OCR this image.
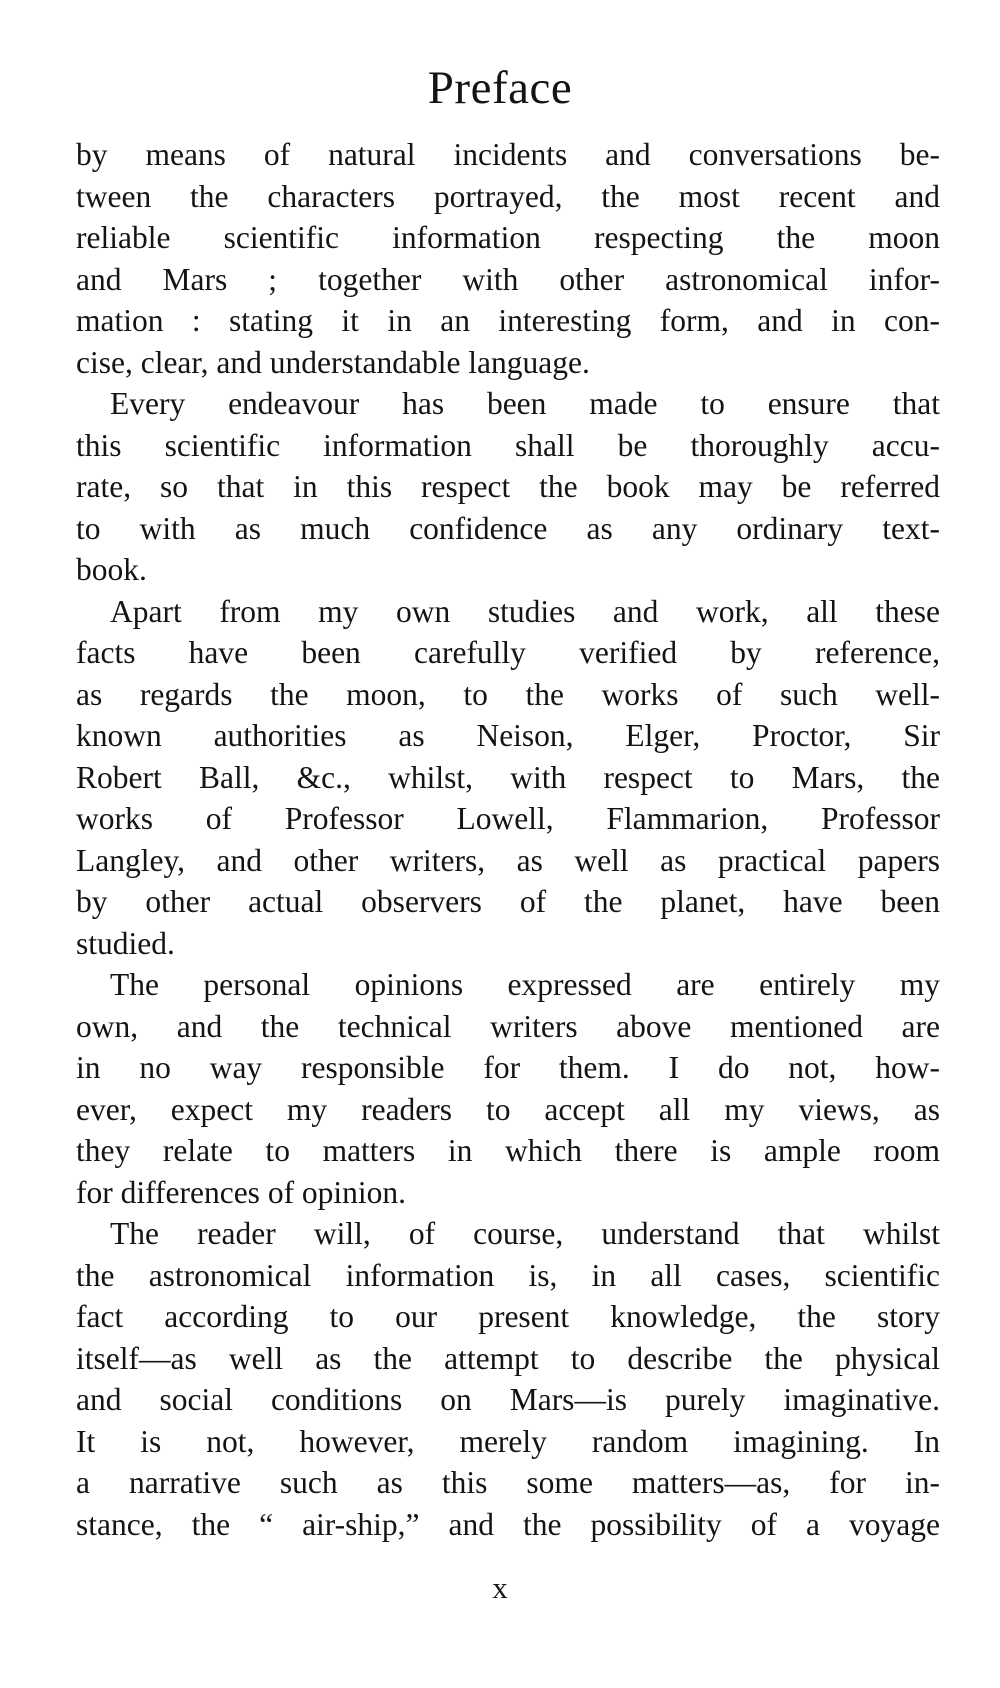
Preface

by means of natural incidents and conversations be-
tween the characters portrayed, the most recent and
reliable scientific information respecting the moon
and Mars ; together with other astronomical infor-
mation : stating it in an interesting form, and in con-
cise, clear, and understandable language.

Every endeavour has been made to ensure that
this scientific information shall be thoroughly accu-
rate, so that in this respect the book may be referred
to with as much confidence as any ordinary text-
book.

Apart from my own studies and work, all these
facts have been carefully verified by reference,
as regards the moon, to the works of such well-
known authorities as Neison, Elger, Proctor, Sir
Robert Ball, &c., whilst, with respect to Mars, the
works of Professor Lowell, Flammarion, Professor
Langley, and other writers, as well as practical papers
by other actual observers of the planet, have been
studied.

The personal opinions expressed are entirely my
own, and the technical writers above mentioned are
in no way responsible for them. I do not, how-
ever, expect my readers to accept all my views, as
they relate to matters in which there is ample room
for differences of opinion.

The reader will, of course, understand that whilst
the astronomical information is, in all cases, scientific
fact according to our present knowledge, the story
itself—as well as the attempt to describe the physical
and social conditions on Mars—is purely imaginative.
It is not, however, merely random imagining. In
a narrative such as this some matters—as, for in-
stance, the “ air-ship,” and the possibility of a voyage

x
